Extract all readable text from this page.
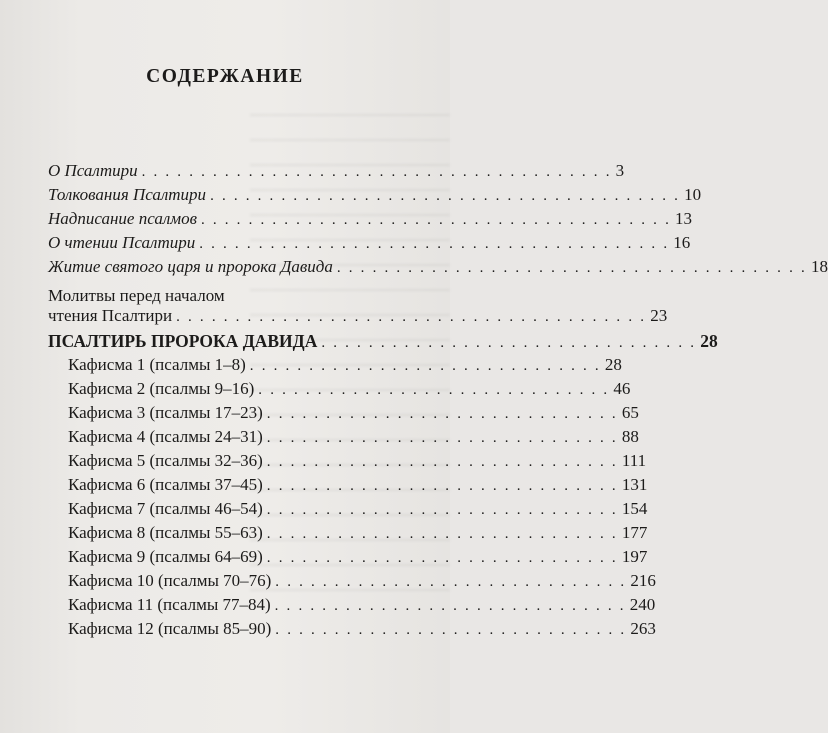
СОДЕРЖАНИЕ
О Псалтири . . . . . . . . . . . . . . . . . . . . . . . . . . . . . . . . . . . . . . . . 3
Толкования Псалтири . . . . . . . . . . . . . . . . . . . . . . . . . . . . . . . . . . . . . . . . 10
Надписание псалмов . . . . . . . . . . . . . . . . . . . . . . . . . . . . . . . . . . . . . . . . 13
О чтении Псалтири . . . . . . . . . . . . . . . . . . . . . . . . . . . . . . . . . . . . . . . . 16
Житие святого царя и пророка Давида . . . . . . . . . . . . . . . . . . . . . . . . . . . . . . . . . . . . . . . . 18
Молитвы перед началом
чтения Псалтири . . . . . . . . . . . . . . . . . . . . . . . . . . . . . . . . . . . . . . . . 23
ПСАЛТИРЬ ПРОРОКА ДАВИДА . . . . . . . . . . . . . . . . . . . . . . . . . . . . . . . . 28
Кафисма 1 (псалмы 1–8) . . . . . . . . . . . . . . . . . . . . . . . . . . . . . . 28
Кафисма 2 (псалмы 9–16) . . . . . . . . . . . . . . . . . . . . . . . . . . . . . . 46
Кафисма 3 (псалмы 17–23) . . . . . . . . . . . . . . . . . . . . . . . . . . . . . . 65
Кафисма 4 (псалмы 24–31) . . . . . . . . . . . . . . . . . . . . . . . . . . . . . . 88
Кафисма 5 (псалмы 32–36) . . . . . . . . . . . . . . . . . . . . . . . . . . . . . . 111
Кафисма 6 (псалмы 37–45) . . . . . . . . . . . . . . . . . . . . . . . . . . . . . . 131
Кафисма 7 (псалмы 46–54) . . . . . . . . . . . . . . . . . . . . . . . . . . . . . . 154
Кафисма 8 (псалмы 55–63) . . . . . . . . . . . . . . . . . . . . . . . . . . . . . . 177
Кафисма 9 (псалмы 64–69) . . . . . . . . . . . . . . . . . . . . . . . . . . . . . . 197
Кафисма 10 (псалмы 70–76) . . . . . . . . . . . . . . . . . . . . . . . . . . . . . . 216
Кафисма 11 (псалмы 77–84) . . . . . . . . . . . . . . . . . . . . . . . . . . . . . . 240
Кафисма 12 (псалмы 85–90) . . . . . . . . . . . . . . . . . . . . . . . . . . . . . . 263
